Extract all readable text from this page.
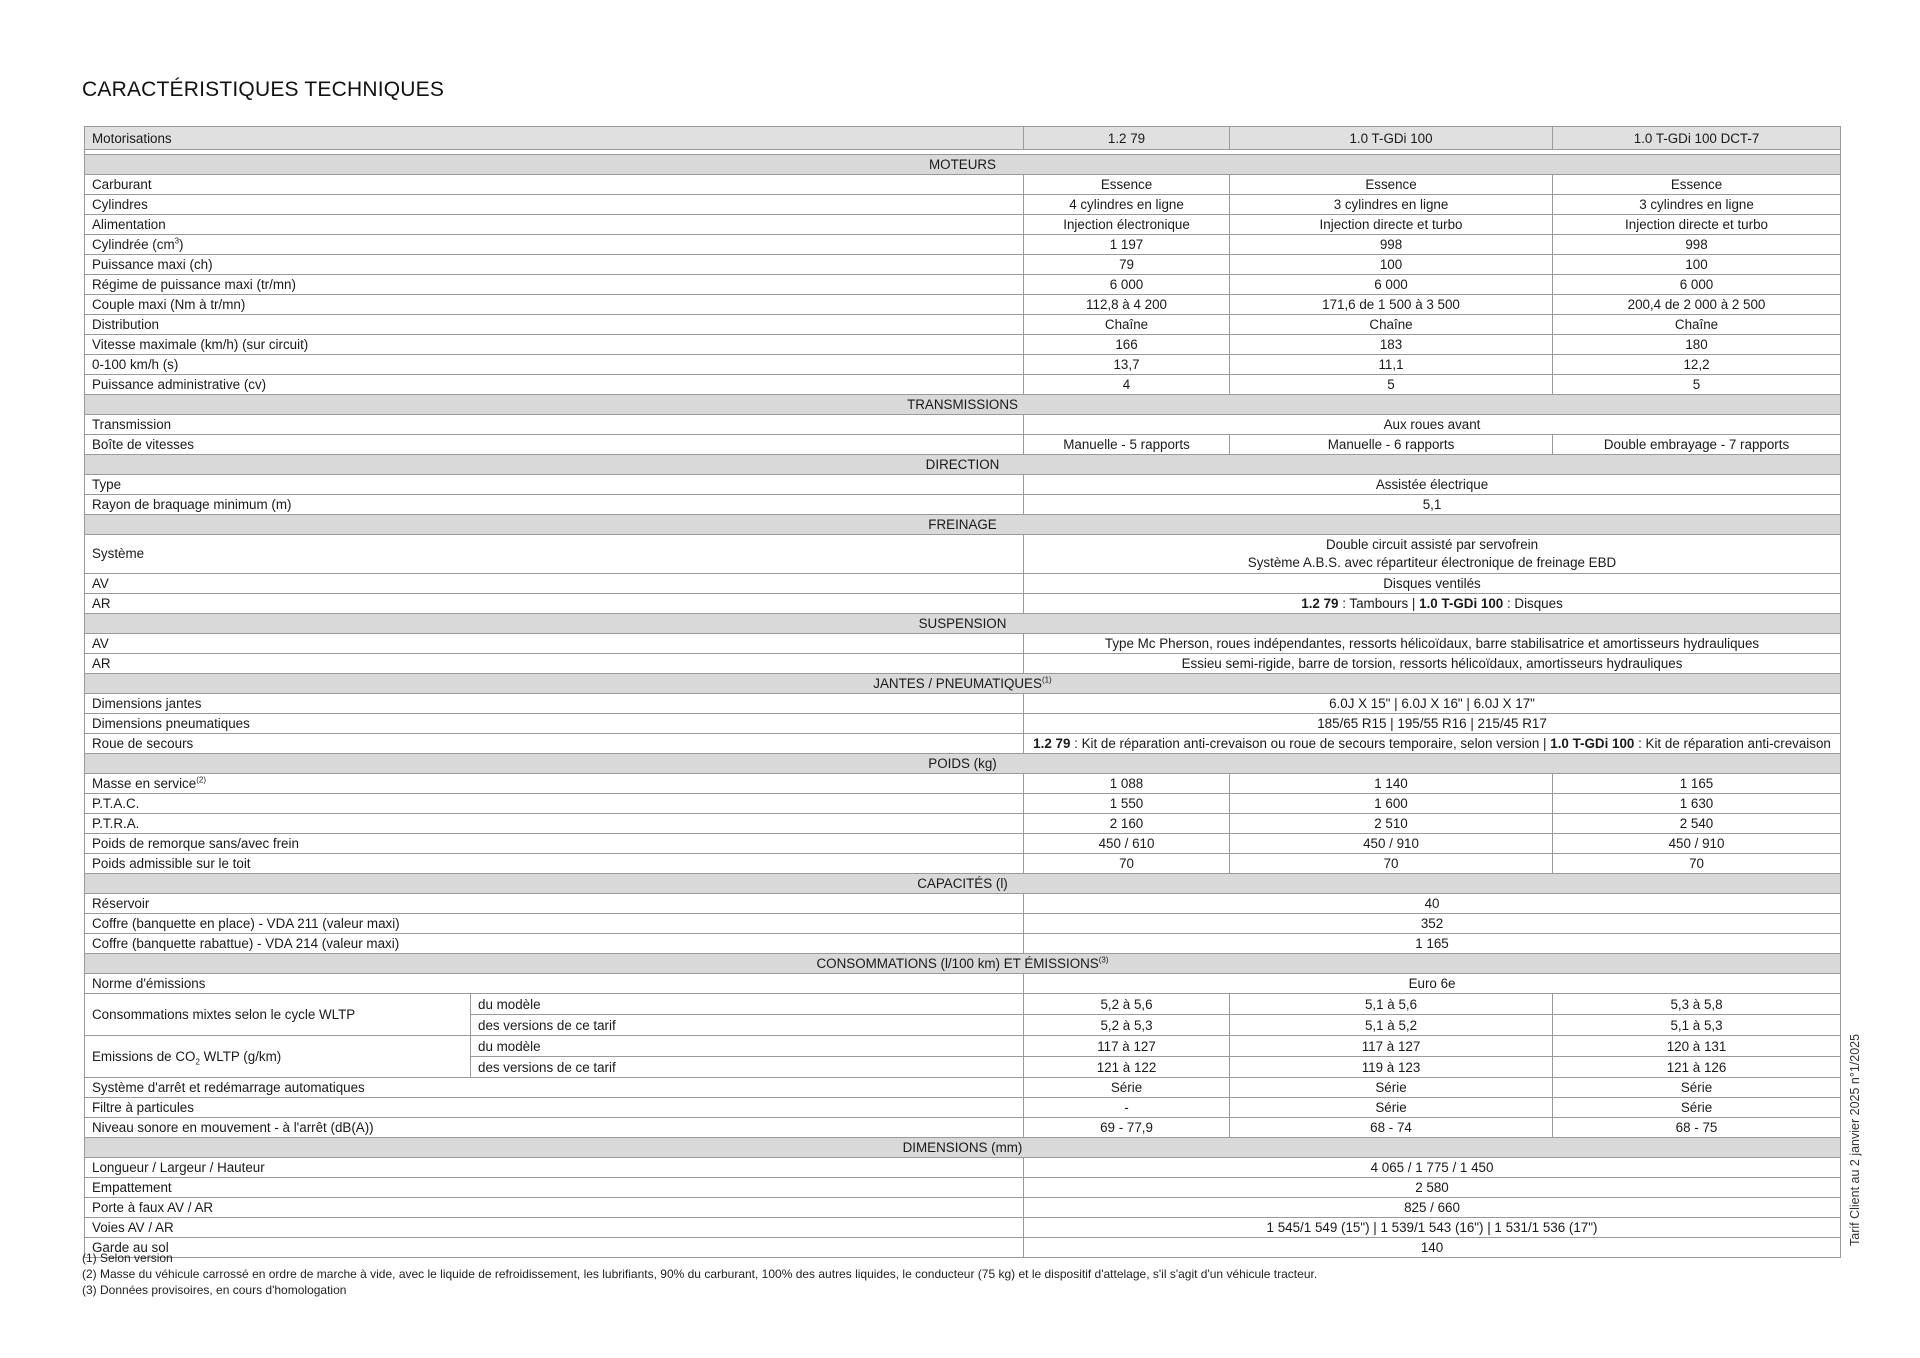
CARACTÉRISTIQUES TECHNIQUES
Motorisations		1.2 79	1.0 T-GDi 100	1.0 T-GDi 100 DCT-7

MOTEURS				
Carburant		Essence	Essence	Essence
Cylindres		4 cylindres en ligne	3 cylindres en ligne	3 cylindres en ligne
Alimentation		Injection électronique	Injection directe et turbo	Injection directe et turbo
Cylindrée $(cm^3)$		1 197	998	998
Puissance maxi (ch)		79	100	100
Régime de puissance maxi (tr/mn)		6 000	6 000	6 000
Couple maxi (Nm à tr/mn)		112,8 à 4 200	171,6 de 1 500 à 3 500	200,4 de 2 000 à 2 500
Distribution		Chaîne	Chaîne	Chaîne
Vitesse maximale (km/h) (sur circuit)		166	183	180
0-100 km/h (s)		13,7	11,1	12,2
Puissance administrative (cv)		4	5	5
TRANSMISSIONS				
Transmission		Aux roues avant		
Boîte de vitesses		Manuelle - 5 rapports	Manuelle - 6 rapports	Double embrayage - 7 rapports
DIRECTION				
Type		Assistée électrique		
Rayon de braquage minimum (m)		5,1		
FREINAGE				
Système		Double circuit assisté par servofrein
Système A.B.S. avec répartiteur électronique de freinage EBD		

AV		Disques ventilés		
AR		1.2 79 : Tambours | 1.0 T-GDi 100 : Disques		
SUSPENSION				
AV		Type Mc Pherson, roues indépendantes, ressorts hélicoïdaux, barre stabilisatrice et amortisseurs hydrauliques		
AR		Essieu semi-rigide, barre de torsion, ressorts hélicoïdaux, amortisseurs hydrauliques		
JANTES / PNEUMATIQUES$^{(1)}$
Dimensions jantes		6.0J X 15" | 6.0J X 16" | 6.0J X 17"		
Dimensions pneumatiques		185/65 R15 | 195/55 R16 | 215/45 R17		
Roue de secours		1.2 79 : Kit de réparation anti-crevaison ou roue de secours temporaire, selon version | 1.0 T-GDi 100 : Kit de réparation anti-crevaison		
POIDS (kg)				
Masse en service$^{(2)}$		1 088	1 140	1 165
P.T.A.C.		1 550	1 600	1 630
P.T.R.A.		2 160	2 510	2 540
Poids de remorque sans/avec frein		450 / 610	450 / 910	450 / 910
Poids admissible sur le toit		70	70	70
CAPACITÉS (l)				
Réservoir		40		
Coffre (banquette en place) - VDA 211 (valeur maxi)		352		
Coffre (banquette rabattue) - VDA 214 (valeur maxi)		1 165		
CONSOMMATIONS (l/100 km) ET ÉMISSIONS$^{(3)}$
Norme d'émissions		Euro 6e		
Consommations mixtes selon le cycle WLTP	du modèle	5,2 à 5,6	5,1 à 5,6	5,3 à 5,8
	des versions de ce tarif	5,2 à 5,3	5,1 à 5,2	5,1 à 5,3
Emissions de $CO_2$ WLTP (g/km)	du modèle	117 à 127	117 à 127	120 à 131
	des versions de ce tarif	121 à 122	119 à 123	121 à 126
Système d'arrêt et redémarrage automatiques		Série	Série	Série
Filtre à particules		-	Série	Série
Niveau sonore en mouvement - à l'arrêt (dB(A))		69 - 77,9	68 - 74	68 - 75
DIMENSIONS (mm)				
Longueur / Largeur / Hauteur		4 065 / 1 775 / 1 450		
Empattement		2 580		
Porte à faux AV / AR		825 / 660		
Voies AV / AR		1 545/1 549 (15") | 1 539/1 543 (16") | 1 531/1 536 (17")		
Garde au sol		140		
(1) Selon version
(2) Masse du véhicule carrossé en ordre de marche à vide, avec le liquide de refroidissement, les lubrifiants, 90% du carburant, 100% des autres liquides, le conducteur (75 kg) et le dispositif d'attelage, s'il s'agit d'un véhicule tracteur.
(3) Données provisoires, en cours d'homologation
Tarif Client au 2 janvier 2025 n°1/2025
